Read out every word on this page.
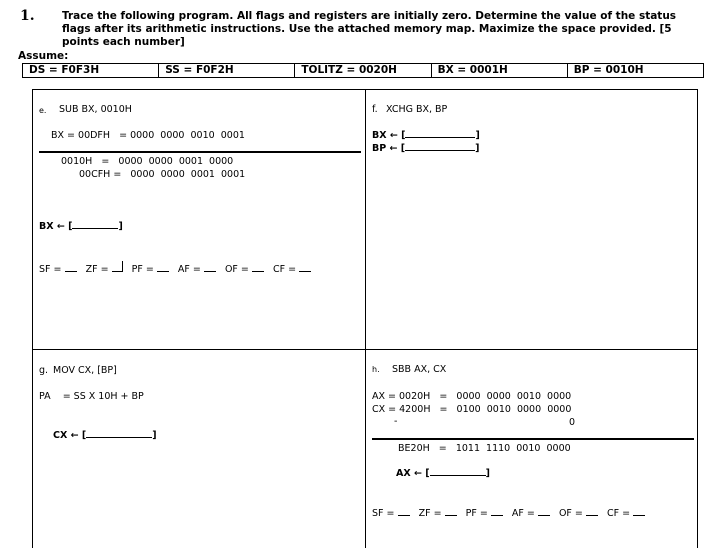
1.	Trace the following program. All flags and registers are initially zero. Determine the value of the status flags after its arithmetic instructions. Use the attached memory map. Maximize the space provided. [5 points each number]
Assume:
DS = F0F3H	SS = F0F2H	TOLITZ = 0020H	BX = 0001H	BP = 0010H
e. SUB BX, 0010H
BX = 00DFH   = 0000  0000  0010  0001
0010H   =   0000  0000  0001  0000
00CFH =   0000  0000  0001  0001
BX ← [	]
SF =	ZF = PF =	AF =	OF =	CF =
f. XCHG BX, BP
BX ← [	]
BP ← [	]
g. MOV CX, [BP]
PA    = SS X 10H + BP
CX ← [	]
h. SBB AX, CX
AX = 0020H   =   0000  0000  0010  0000
CX = 4200H   =   0100  0010  0000  0000
-	0
BE20H   =   1011  1110  0010  0000
AX ← [	]
SF =	ZF =	PF =	AF =	OF =	CF =
